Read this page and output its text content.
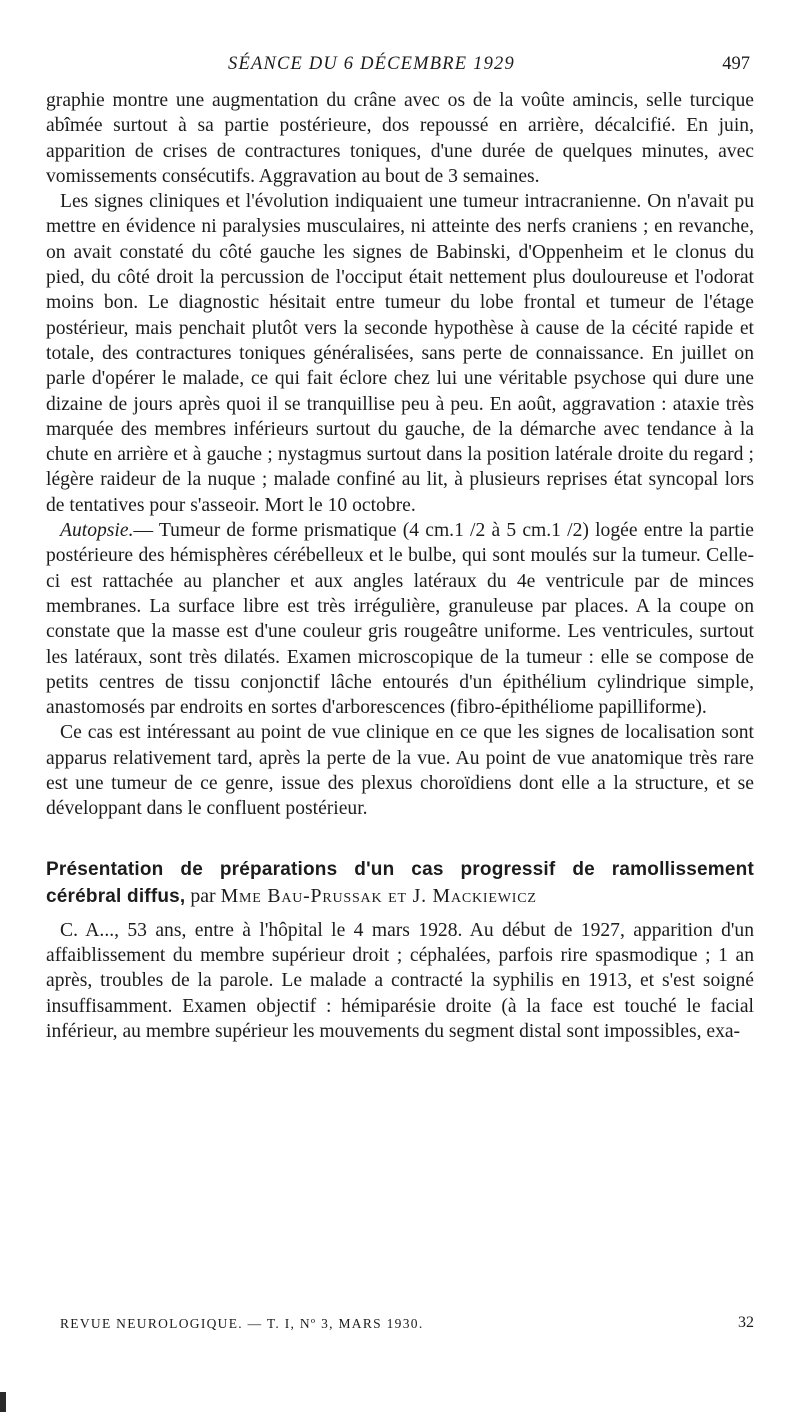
SÉANCE DU 6 DÉCEMBRE 1929	497

graphie montre une augmentation du crâne avec os de la voûte amincis, selle turcique abîmée surtout à sa partie postérieure, dos repoussé en arrière, décalcifié. En juin, apparition de crises de contractures toniques, d'une durée de quelques minutes, avec vomissements consécutifs. Aggravation au bout de 3 semaines.

Les signes cliniques et l'évolution indiquaient une tumeur intracranienne. On n'avait pu mettre en évidence ni paralysies musculaires, ni atteinte des nerfs craniens ; en revanche, on avait constaté du côté gauche les signes de Babinski, d'Oppenheim et le clonus du pied, du côté droit la percussion de l'occiput était nettement plus douloureuse et l'odorat moins bon. Le diagnostic hésitait entre tumeur du lobe frontal et tumeur de l'étage postérieur, mais penchait plutôt vers la seconde hypothèse à cause de la cécité rapide et totale, des contractures toniques généralisées, sans perte de connaissance. En juillet on parle d'opérer le malade, ce qui fait éclore chez lui une véritable psychose qui dure une dizaine de jours après quoi il se tranquillise peu à peu. En août, aggravation : ataxie très marquée des membres inférieurs surtout du gauche, de la démarche avec tendance à la chute en arrière et à gauche ; nystagmus surtout dans la position latérale droite du regard ; légère raideur de la nuque ; malade confiné au lit, à plusieurs reprises état syncopal lors de tentatives pour s'asseoir. Mort le 10 octobre.

Autopsie.— Tumeur de forme prismatique (4 cm.1 /2 à 5 cm.1 /2) logée entre la partie postérieure des hémisphères cérébelleux et le bulbe, qui sont moulés sur la tumeur. Celle-ci est rattachée au plancher et aux angles latéraux du 4e ventricule par de minces membranes. La surface libre est très irrégulière, granuleuse par places. A la coupe on constate que la masse est d'une couleur gris rougeâtre uniforme. Les ventricules, surtout les latéraux, sont très dilatés. Examen microscopique de la tumeur : elle se compose de petits centres de tissu conjonctif lâche entourés d'un épithélium cylindrique simple, anastomosés par endroits en sortes d'arborescences (fibro-épithéliome papilliforme).

Ce cas est intéressant au point de vue clinique en ce que les signes de localisation sont apparus relativement tard, après la perte de la vue. Au point de vue anatomique très rare est une tumeur de ce genre, issue des plexus choroïdiens dont elle a la structure, et se développant dans le confluent postérieur.

Présentation de préparations d'un cas progressif de ramollissement cérébral diffus, par Mme Bau-Prussak et J. Mackiewicz

C. A..., 53 ans, entre à l'hôpital le 4 mars 1928. Au début de 1927, apparition d'un affaiblissement du membre supérieur droit ; céphalées, parfois rire spasmodique ; 1 an après, troubles de la parole. Le malade a contracté la syphilis en 1913, et s'est soigné insuffisamment. Examen objectif : hémiparésie droite (à la face est touché le facial inférieur, au membre supérieur les mouvements du segment distal sont impossibles, exa-

REVUE NEUROLOGIQUE. — T. I, Nº 3, MARS 1930.	32
